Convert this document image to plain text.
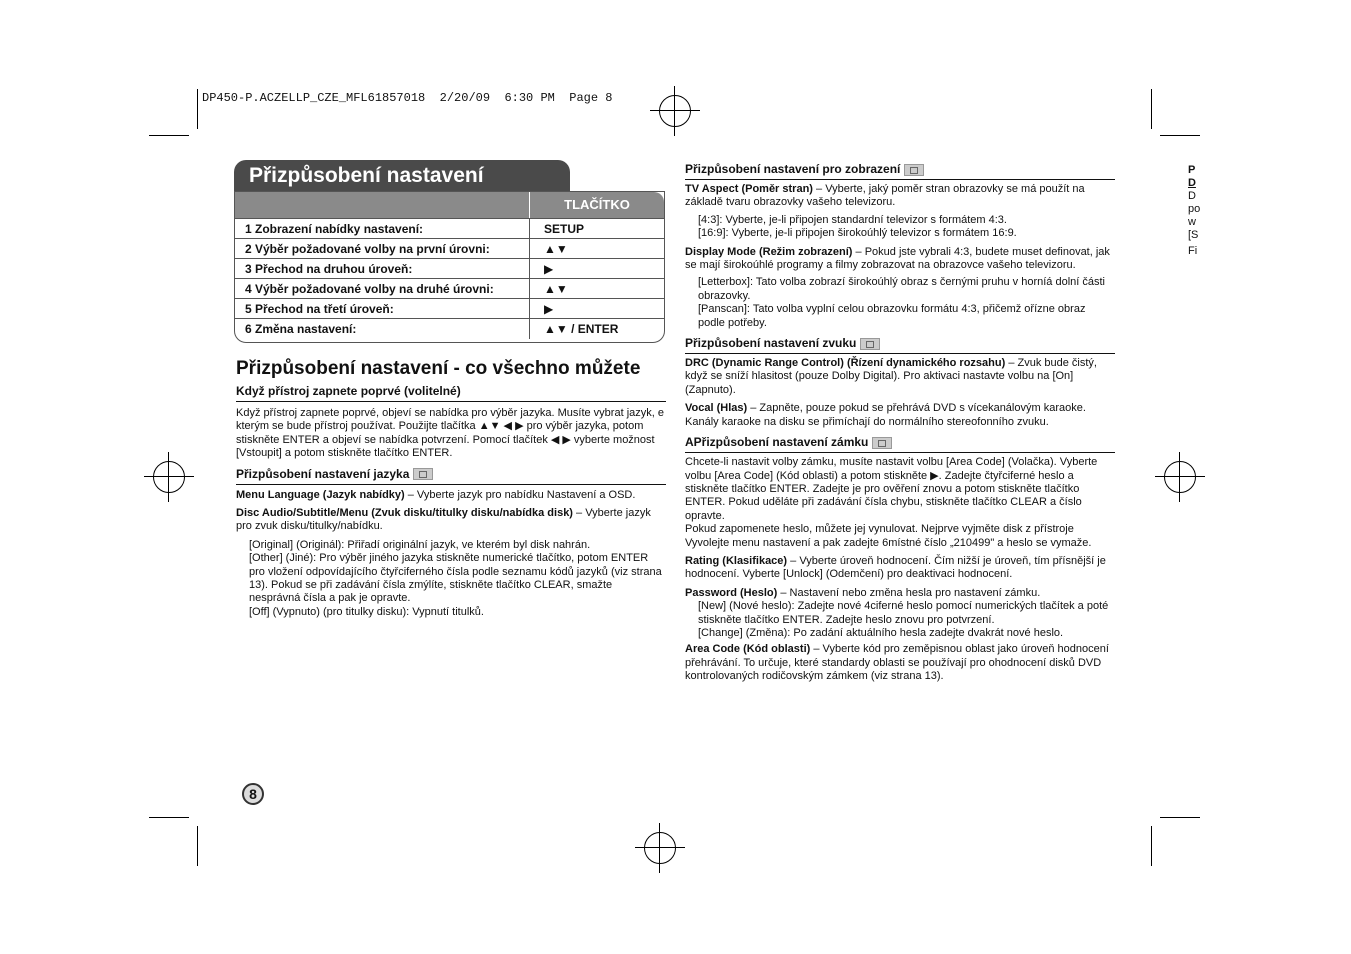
DP450-P.ACZELLP_CZE_MFL61857018  2/20/09  6:30 PM  Page 8
Přizpůsobení nastavení
TLAČÍTKO
1 Zobrazení nabídky nastavení:	SETUP
2 Výběr požadované volby na první úrovni:	▲▼
3 Přechod na druhou úroveň:	▶
4 Výběr požadované volby na druhé úrovni:	▲▼
5 Přechod na třetí úroveň:	▶
6 Změna nastavení:	▲▼ / ENTER
Přizpůsobení nastavení - co všechno můžete
Když přístroj zapnete poprvé (volitelné)
Když přístroj zapnete poprvé, objeví se nabídka pro výběr jazyka. Musíte vybrat jazyk, e kterým se bude přístroj používat. Použijte tlačítka ▲▼ ◀ ▶ pro výběr jazyka, potom stiskněte ENTER a objeví se nabídka potvrzení. Pomocí tlačítek ◀ ▶ vyberte možnost [Vstoupit] a potom stiskněte tlačítko ENTER.
Přizpůsobení nastavení jazyka
Menu Language (Jazyk nabídky) – Vyberte jazyk pro nabídku Nastavení a OSD.
Disc Audio/Subtitle/Menu (Zvuk disku/titulky disku/nabídka disk) – Vyberte jazyk pro zvuk disku/titulky/nabídku.
[Original] (Originál): Přiřadí originální jazyk, ve kterém byl disk nahrán.
[Other] (Jiné): Pro výběr jiného jazyka stiskněte numerické tlačítko, potom ENTER pro vložení odpovídajícího čtyřciferného čísla podle seznamu kódů jazyků (viz strana 13). Pokud se při zadávání čísla zmýlíte, stiskněte tlačítko CLEAR, smažte nesprávná čísla a pak je opravte.
[Off] (Vypnuto) (pro titulky disku): Vypnutí titulků.
Přizpůsobení nastavení pro zobrazení
TV Aspect (Poměr stran) – Vyberte, jaký poměr stran obrazovky se má použít na základě tvaru obrazovky vašeho televizoru.
[4:3]: Vyberte, je-li připojen standardní televizor s formátem 4:3.
[16:9]: Vyberte, je-li připojen širokoúhlý televizor s formátem 16:9.
Display Mode (Režim zobrazení) – Pokud jste vybrali 4:3, budete muset definovat, jak se mají širokoúhlé programy a filmy zobrazovat na obrazovce vašeho televizoru.
[Letterbox]: Tato volba zobrazí širokoúhlý obraz s černými pruhu v horníá dolní části obrazovky.
[Panscan]: Tato volba vyplní celou obrazovku formátu 4:3, přičemž ořízne obraz podle potřeby.
Přizpůsobení nastavení zvuku
DRC (Dynamic Range Control) (Řízení dynamického rozsahu) – Zvuk bude čistý, když se sníží hlasitost (pouze Dolby Digital). Pro aktivaci nastavte volbu na [On] (Zapnuto).
Vocal (Hlas) – Zapněte, pouze pokud se přehrává DVD s vícekanálovým karaoke. Kanály karaoke na disku se přimíchají do normálního stereofonního zvuku.
APřizpůsobení nastavení zámku
Chcete-li nastavit volby zámku, musíte nastavit volbu [Area Code] (Volačka). Vyberte volbu [Area Code] (Kód oblasti) a potom stiskněte ▶. Zadejte čtyřciferné heslo a stiskněte tlačítko ENTER. Zadejte je pro ověření znovu a potom stiskněte tlačítko ENTER. Pokud uděláte při zadávání čísla chybu, stiskněte tlačítko CLEAR a číslo opravte.
Pokud zapomenete heslo, můžete jej vynulovat. Nejprve vyjměte disk z přístroje Vyvolejte menu nastavení a pak zadejte 6místné číslo „210499" a heslo se vymaže.
Rating (Klasifikace) – Vyberte úroveň hodnocení. Čím nižší je úroveň, tím přísnější je hodnocení. Vyberte [Unlock] (Odemčení) pro deaktivaci hodnocení.
Password (Heslo) – Nastavení nebo změna hesla pro nastavení zámku.
[New] (Nové heslo): Zadejte nové 4ciferné heslo pomocí numerických tlačítek a poté stiskněte tlačítko ENTER. Zadejte heslo znovu pro potvrzení.
[Change] (Změna): Po zadání aktuálního hesla zadejte dvakrát nové heslo.
Area Code (Kód oblasti) – Vyberte kód pro zeměpisnou oblast jako úroveň hodnocení přehrávání. To určuje, které standardy oblasti se používají pro ohodnocení disků DVD kontrolovaných rodičovským zámkem (viz strana 13).
P
D
D
po
w
[S
Fi
8
